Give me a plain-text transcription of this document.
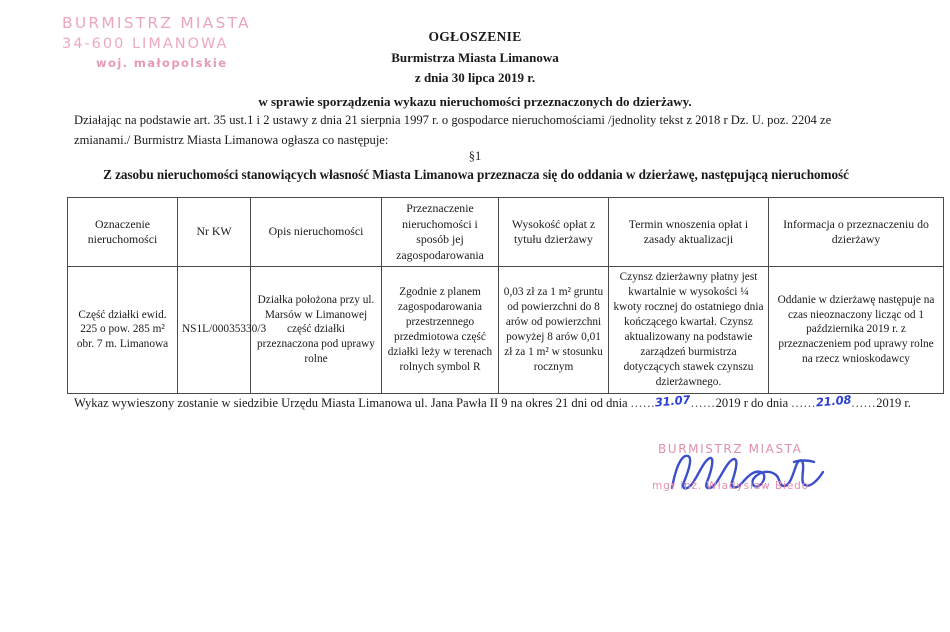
BURMISTRZ MIASTA
34-600 LIMANOWA
woj. małopolskie
OGŁOSZENIE
Burmistrza Miasta Limanowa
z dnia 30 lipca 2019 r.
w sprawie sporządzenia wykazu nieruchomości przeznaczonych do dzierżawy.
Działając na podstawie art. 35 ust.1 i 2 ustawy z dnia 21 sierpnia 1997 r. o gospodarce nieruchomościami /jednolity tekst z 2018 r Dz. U. poz. 2204 ze zmianami./ Burmistrz Miasta Limanowa ogłasza co następuje:
§1
Z zasobu nieruchomości stanowiących własność Miasta Limanowa przeznacza się do oddania w dzierżawę, następującą nieruchomość
Oznaczenie nieruchomości	Nr KW	Opis nieruchomości	Przeznaczenie nieruchomości i sposób jej zagospodarowania	Wysokość opłat z tytułu dzierżawy	Termin wnoszenia opłat i zasady aktualizacji	Informacja o przeznaczeniu do dzierżawy
Część działki ewid. 225 o pow. 285 m² obr. 7 m. Limanowa	NS1L/00035330/3	Działka położona przy ul. Marsów w Limanowej część działki przeznaczona pod uprawy rolne	Zgodnie z planem zagospodarowania przestrzennego przedmiotowa część działki leży w terenach rolnych symbol R	0,03 zł za 1 m² gruntu od powierzchni do 8 arów od powierzchni powyżej 8 arów 0,01 zł za 1 m² w stosunku rocznym	Czynsz dzierżawny płatny jest kwartalnie w wysokości ¼ kwoty rocznej do ostatniego dnia kończącego kwartał. Czynsz aktualizowany na podstawie zarządzeń burmistrza dotyczących stawek czynszu dzierżawnego.	Oddanie w dzierżawę następuje na czas nieoznaczony licząc od 1 października 2019 r. z przeznaczeniem pod uprawy rolne na rzecz wnioskodawcy
Wykaz wywieszony zostanie w siedzibie Urzędu Miasta Limanowa ul. Jana Pawła II 9 na okres 21 dni od dnia ......31.07......2019 r do dnia ......21.08......2019 r.
BURMISTRZ MIASTA
mgr inż. Władysław Biedo
